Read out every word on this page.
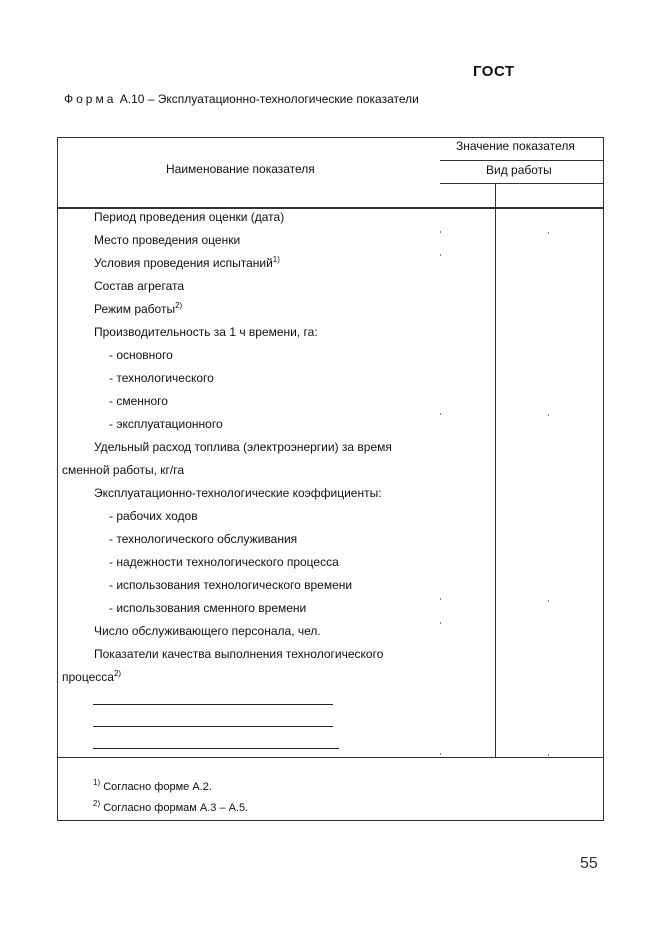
ГОСТ
Форма А.10 – Эксплуатационно-технологические показатели
Наименование показателя
Значение показателя
Вид работы
Период проведения оценки (дата)
Место проведения оценки
Условия проведения испытаний$^{1)}$
Состав агрегата
Режим работы$^{2)}$
Производительность за 1 ч времени, га:
- основного
- технологического
- сменного
- эксплуатационного
Удельный расход топлива (электроэнергии) за время
сменной работы, кг/га
Эксплуатационно-технологические коэффициенты:
- рабочих ходов
- технологического обслуживания
- надежности технологического процесса
- использования технологического времени
- использования сменного времени
Число обслуживающего персонала, чел.
Показатели качества выполнения технологического
процесса$^{2)}$
$^{1)}$ Согласно форме А.2.
$^{2)}$ Согласно формам А.3 – А.5.
55
